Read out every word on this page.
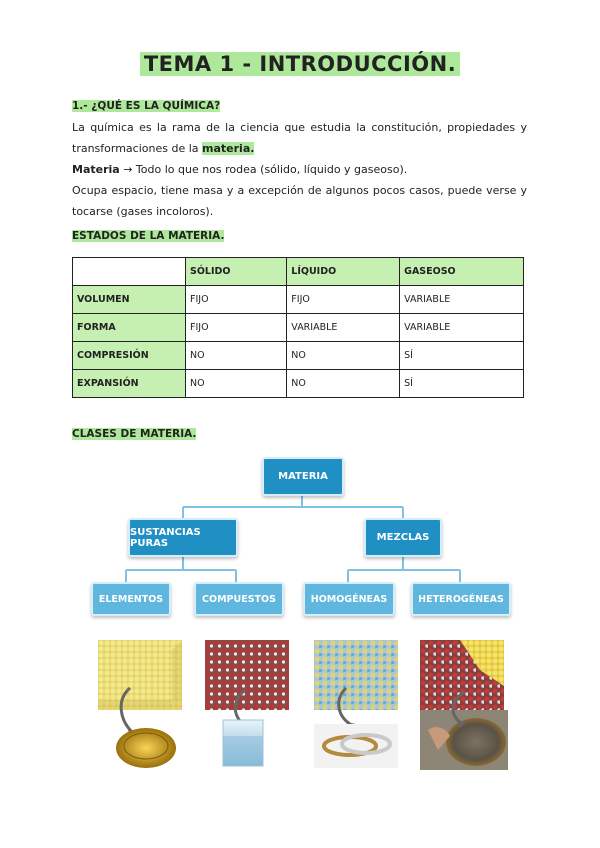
TEMA 1 - INTRODUCCIÓN.

1.- ¿QUÉ ES LA QUÍMICA?

La química es la rama de la ciencia que estudia la constitución, propiedades y transformaciones de la materia.

Materia → Todo lo que nos rodea (sólido, líquido y gaseoso).

Ocupa espacio, tiene masa y a excepción de algunos pocos casos, puede verse y tocarse (gases incoloros).

ESTADOS DE LA MATERIA.
	SÓLIDO	LÍQUIDO	GASEOSO
VOLUMEN	FIJO	FIJO	VARIABLE
FORMA	FIJO	VARIABLE	VARIABLE
COMPRESIÓN	NO	NO	SÍ
EXPANSIÓN	NO	NO	SÍ
CLASES DE MATERIA.
MATERIA
SUSTANCIAS PURAS	MEZCLAS
ELEMENTOS	COMPUESTOS	HOMOGÉNEAS	HETEROGÉNEAS
